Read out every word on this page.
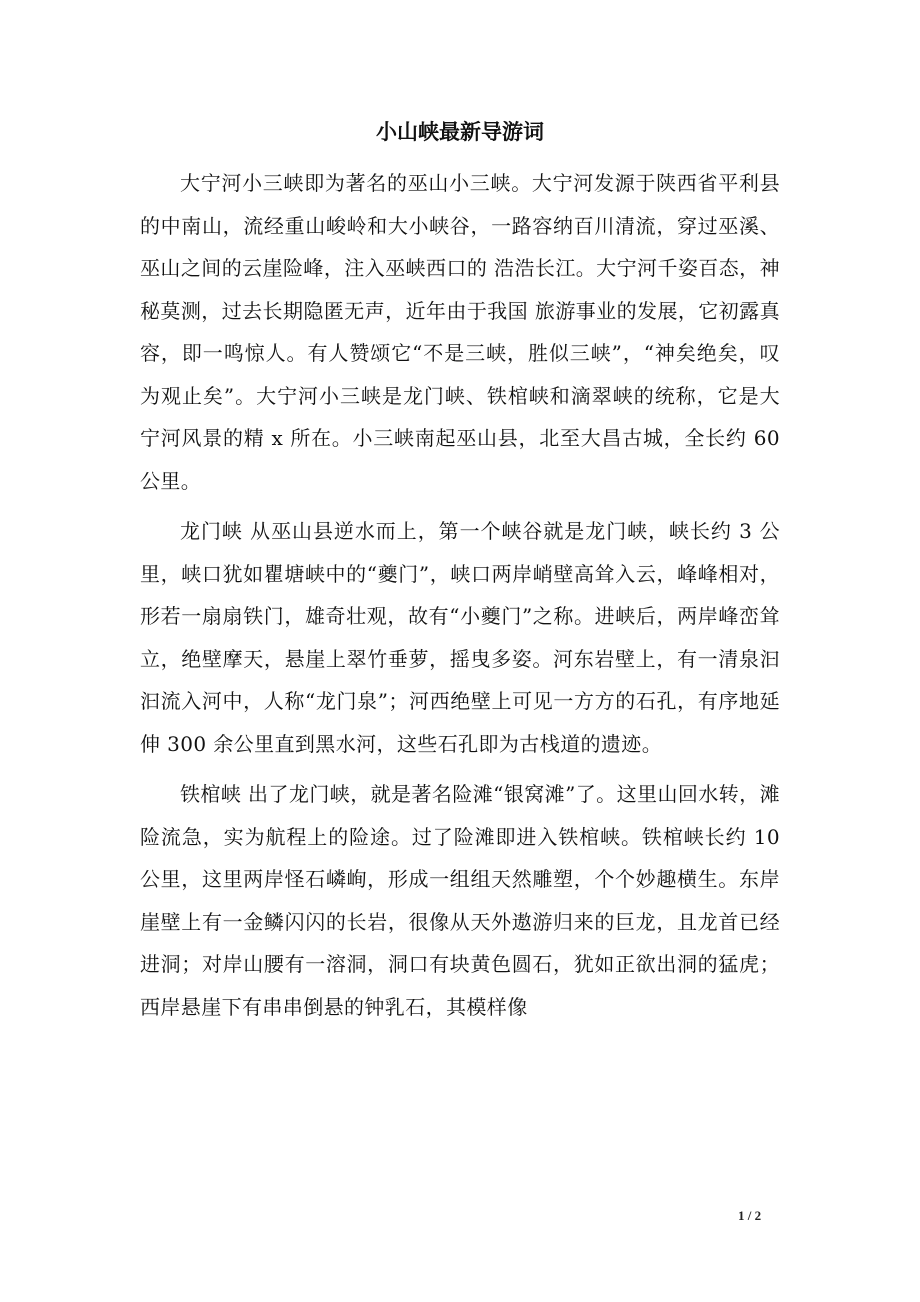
小山峡最新导游词

大宁河小三峡即为著名的巫山小三峡。大宁河发源于陕西省平利县的中南山，流经重山峻岭和大小峡谷，一路容纳百川清流，穿过巫溪、巫山之间的云崖险峰，注入巫峡西口的 浩浩长江。大宁河千姿百态，神秘莫测，过去长期隐匿无声，近年由于我国 旅游事业的发展，它初露真容，即一鸣惊人。有人赞颂它“不是三峡，胜似三峡”，“神矣绝矣，叹为观止矣”。大宁河小三峡是龙门峡、铁棺峡和滴翠峡的统称，它是大宁河风景的精 x 所在。小三峡南起巫山县，北至大昌古城，全长约 60 公里。

龙门峡 从巫山县逆水而上，第一个峡谷就是龙门峡，峡长约 3 公里，峡口犹如瞿塘峡中的“夔门”，峡口两岸峭壁高耸入云，峰峰相对，形若一扇扇铁门，雄奇壮观，故有“小夔门”之称。进峡后，两岸峰峦耸立，绝壁摩天，悬崖上翠竹垂萝，摇曳多姿。河东岩壁上，有一清泉汩汩流入河中，人称“龙门泉”；河西绝壁上可见一方方的石孔，有序地延伸 300 余公里直到黑水河，这些石孔即为古栈道的遗迹。

铁棺峡 出了龙门峡，就是著名险滩“银窝滩”了。这里山回水转，滩险流急，实为航程上的险途。过了险滩即进入铁棺峡。铁棺峡长约 10 公里，这里两岸怪石嶙峋，形成一组组天然雕塑，个个妙趣横生。东岸崖壁上有一金鳞闪闪的长岩，很像从天外遨游归来的巨龙，且龙首已经进洞；对岸山腰有一溶洞，洞口有块黄色圆石，犹如正欲出洞的猛虎；西岸悬崖下有串串倒悬的钟乳石，其模样像

1 / 2
